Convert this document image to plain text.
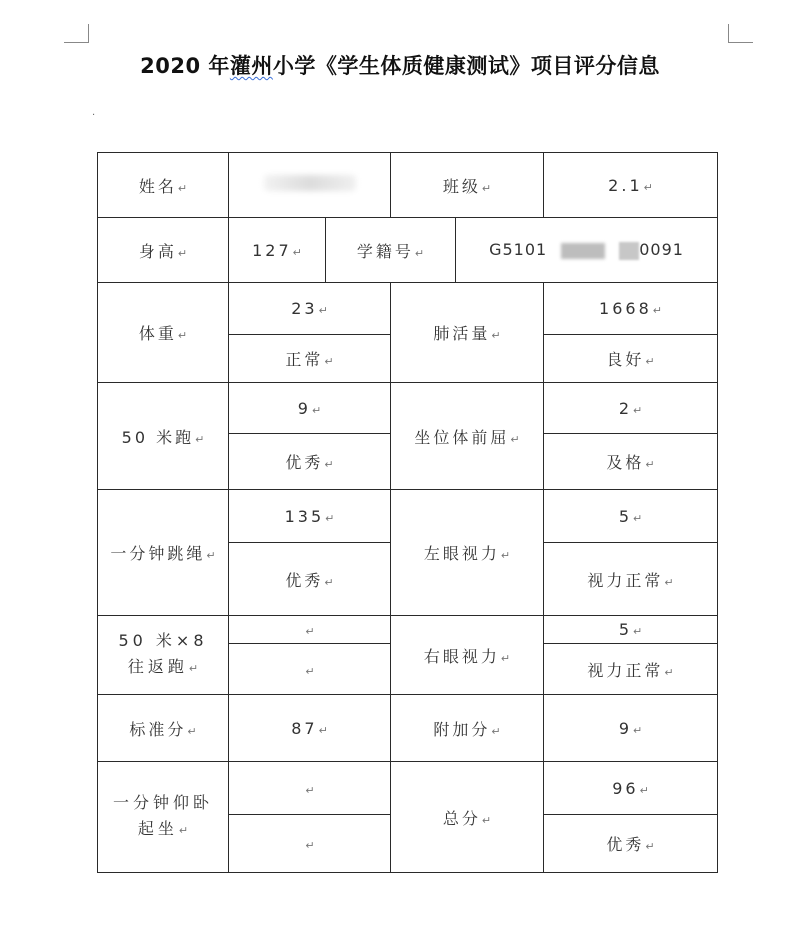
2020 年灌州小学《学生体质健康测试》项目评分信息
·
姓名↵			班级↵		2.1↵
身高↵	127↵	学籍号↵		G5101 0091	
体重↵	23↵		肺活量↵		1668↵
	正常↵				良好↵
50 米跑↵	9↵		坐位体前屈↵		2↵
	优秀↵				及格↵
一分钟跳绳↵	135↵		左眼视力↵		5↵
	优秀↵				视力正常↵
50 米×8 往返跑↵	↵		右眼视力↵		5↵
	↵				视力正常↵
标准分↵	87↵		附加分↵		9↵
一分钟仰卧起坐↵	↵		总分↵		96↵
	↵				优秀↵
